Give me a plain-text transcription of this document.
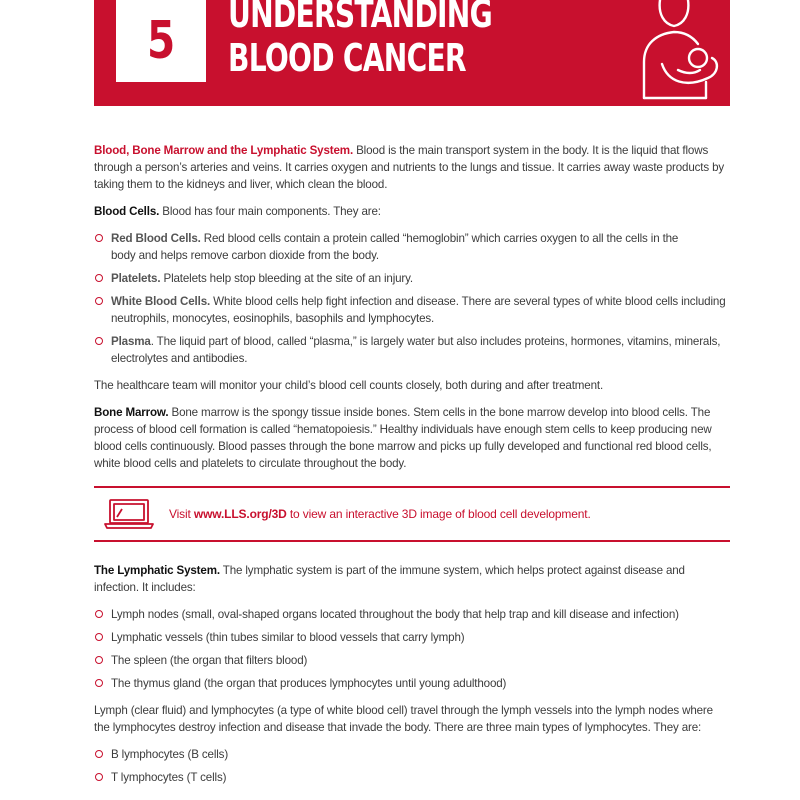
5 UNDERSTANDING
BLOOD CANCER

Blood, Bone Marrow and the Lymphatic System. Blood is the main transport system in the body. It is the liquid that flows through a person’s arteries and veins. It carries oxygen and nutrients to the lungs and tissue. It carries away waste products by taking them to the kidneys and liver, which clean the blood.

Blood Cells. Blood has four main components. They are:

Red Blood Cells. Red blood cells contain a protein called “hemoglobin” which carries oxygen to all the cells in the body and helps remove carbon dioxide from the body.
Platelets. Platelets help stop bleeding at the site of an injury.
White Blood Cells. White blood cells help fight infection and disease. There are several types of white blood cells including neutrophils, monocytes, eosinophils, basophils and lymphocytes.
Plasma. The liquid part of blood, called “plasma,” is largely water but also includes proteins, hormones, vitamins, minerals, electrolytes and antibodies.

The healthcare team will monitor your child’s blood cell counts closely, both during and after treatment.

Bone Marrow. Bone marrow is the spongy tissue inside bones. Stem cells in the bone marrow develop into blood cells. The process of blood cell formation is called “hematopoiesis.” Healthy individuals have enough stem cells to keep producing new blood cells continuously. Blood passes through the bone marrow and picks up fully developed and functional red blood cells, white blood cells and platelets to circulate throughout the body.

Visit www.LLS.org/3D to view an interactive 3D image of blood cell development.

The Lymphatic System. The lymphatic system is part of the immune system, which helps protect against disease and infection. It includes:

Lymph nodes (small, oval-shaped organs located throughout the body that help trap and kill disease and infection)
Lymphatic vessels (thin tubes similar to blood vessels that carry lymph)
The spleen (the organ that filters blood)
The thymus gland (the organ that produces lymphocytes until young adulthood)

Lymph (clear fluid) and lymphocytes (a type of white blood cell) travel through the lymph vessels into the lymph nodes where the lymphocytes destroy infection and disease that invade the body. There are three main types of lymphocytes. They are:

B lymphocytes (B cells)
T lymphocytes (T cells)
